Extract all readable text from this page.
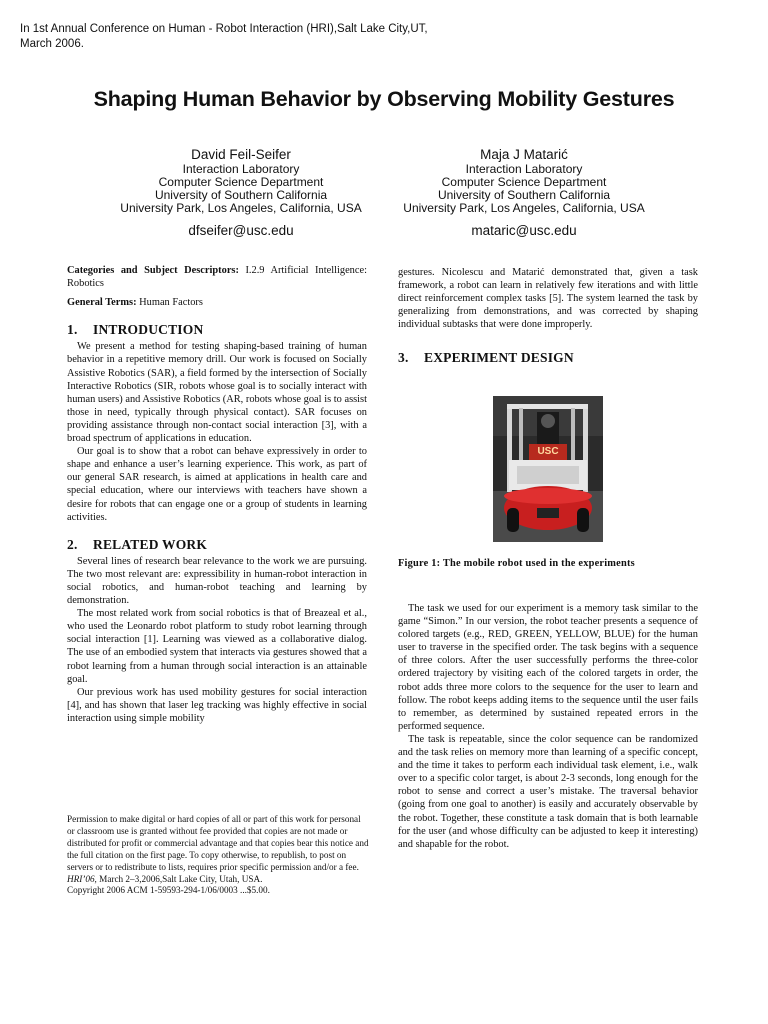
In 1st Annual Conference on Human - Robot Interaction (HRI),Salt Lake City,UT, March 2006.
Shaping Human Behavior by Observing Mobility Gestures
David Feil-Seifer
Interaction Laboratory
Computer Science Department
University of Southern California
University Park, Los Angeles, California, USA
dfseifer@usc.edu
Maja J Matarić
Interaction Laboratory
Computer Science Department
University of Southern California
University Park, Los Angeles, California, USA
mataric@usc.edu

Categories and Subject Descriptors: I.2.9 Artificial Intelligence: Robotics

General Terms: Human Factors

1. INTRODUCTION

We present a method for testing shaping-based training of human behavior in a repetitive memory drill. Our work is focused on Socially Assistive Robotics (SAR), a field formed by the intersection of Socially Interactive Robotics (SIR, robots whose goal is to socially interact with human users) and Assistive Robotics (AR, robots whose goal is to assist those in need, typically through physical contact). SAR focuses on providing assistance through non-contact social interaction [3], with a broad spectrum of applications in education.

Our goal is to show that a robot can behave expressively in order to shape and enhance a user’s learning experience. This work, as part of our general SAR research, is aimed at applications in health care and special education, where our interviews with teachers have shown a desire for robots that can engage one or a group of students in learning activities.

2. RELATED WORK

Several lines of research bear relevance to the work we are pursuing. The two most relevant are: expressibility in human-robot interaction in social robotics, and human-robot teaching and learning by demonstration.

The most related work from social robotics is that of Breazeal et al., who used the Leonardo robot platform to study robot learning through social interaction [1]. Learning was viewed as a collaborative dialog. The use of an embodied system that interacts via gestures showed that a robot learning from a human through social interaction is an attainable goal.

Our previous work has used mobility gestures for social interaction [4], and has shown that laser leg tracking was highly effective in social interaction using simple mobility

Permission to make digital or hard copies of all or part of this work for personal or classroom use is granted without fee provided that copies are not made or distributed for profit or commercial advantage and that copies bear this notice and the full citation on the first page. To copy otherwise, to republish, to post on servers or to redistribute to lists, requires prior specific permission and/or a fee.
HRI’06, March 2–3,2006,Salt Lake City, Utah, USA.
Copyright 2006 ACM 1-59593-294-1/06/0003 ...$5.00.

gestures. Nicolescu and Matarić demonstrated that, given a task framework, a robot can learn in relatively few iterations and with little direct reinforcement complex tasks [5]. The system learned the task by generalizing from demonstrations, and was corrected by shaping individual subtasks that were done improperly.

3. EXPERIMENT DESIGN
USC
Figure 1: The mobile robot used in the experiments

The task we used for our experiment is a memory task similar to the game “Simon.” In our version, the robot teacher presents a sequence of colored targets (e.g., RED, GREEN, YELLOW, BLUE) for the human user to traverse in the specified order. The task begins with a sequence of three colors. After the user successfully performs the three-color ordered trajectory by visiting each of the colored targets in order, the robot adds three more colors to the sequence for the user to learn and follow. The robot keeps adding items to the sequence until the user fails to remember, as determined by sustained repeated errors in the performed sequence.

The task is repeatable, since the color sequence can be randomized and the task relies on memory more than learning of a specific concept, and the time it takes to perform each individual task element, i.e., walk over to a specific color target, is about 2-3 seconds, long enough for the robot to sense and correct a user’s mistake. The traversal behavior (going from one goal to another) is easily and accurately observable by the robot. Together, these constitute a task domain that is both learnable for the user (and whose difficulty can be adjusted to keep it interesting) and shapable for the robot.
